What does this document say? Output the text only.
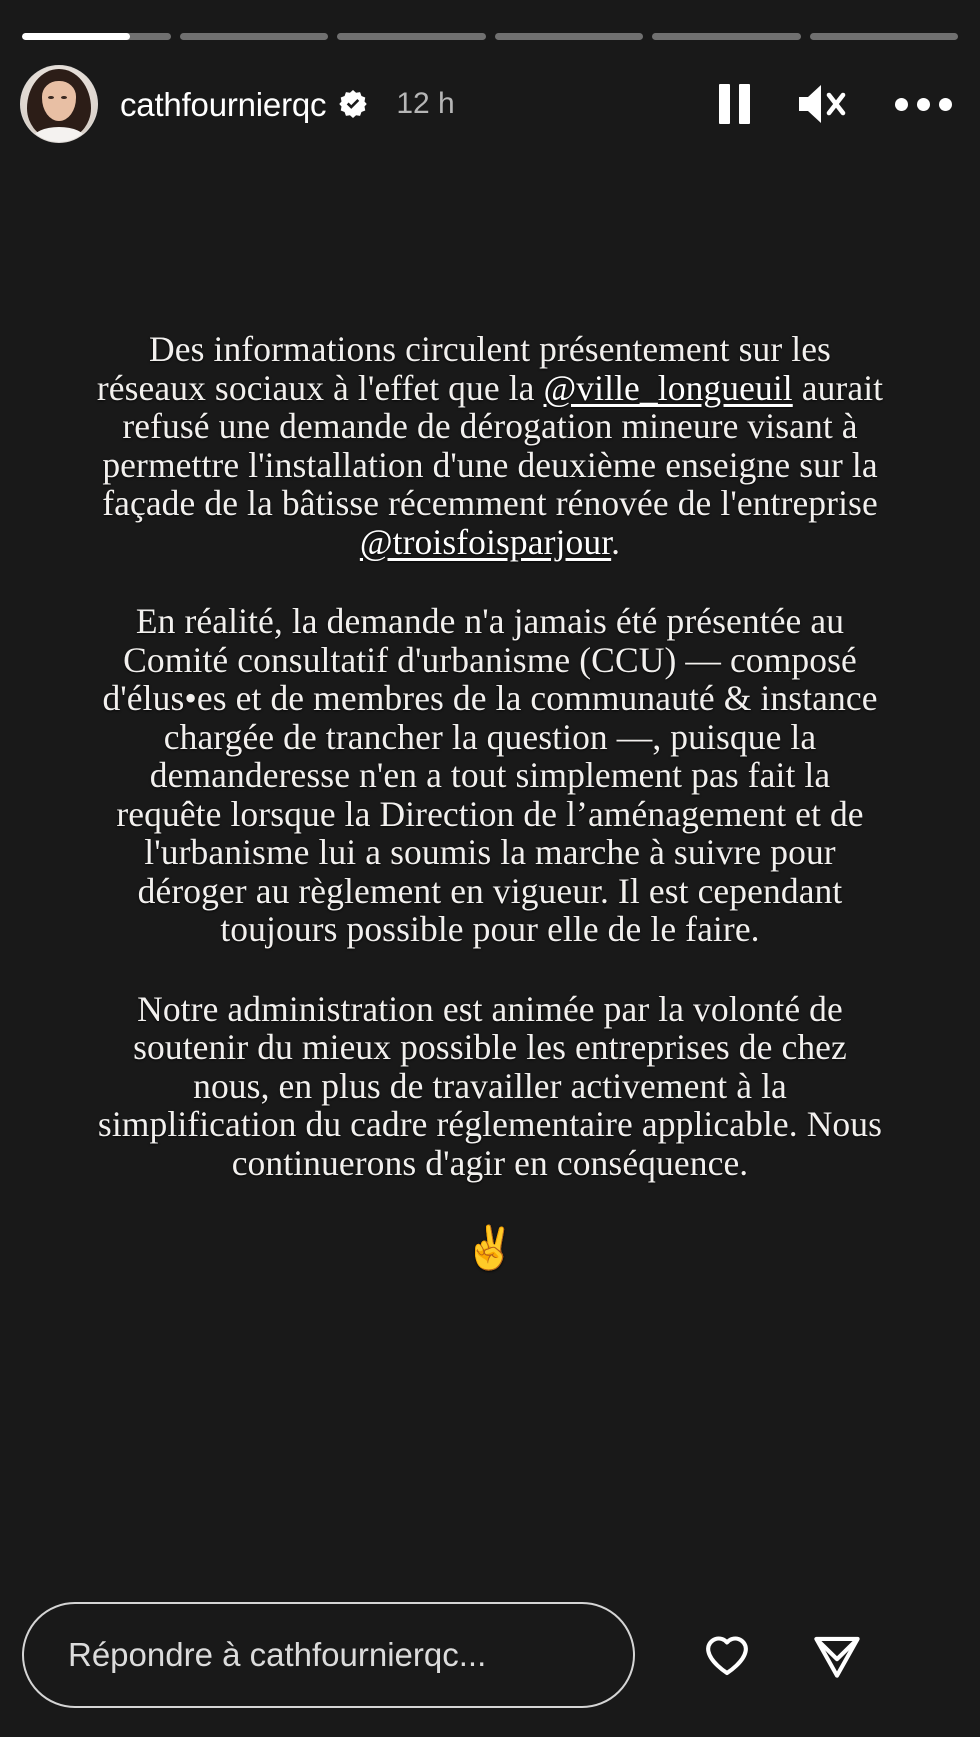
cathfournierqc 12 h

Des informations circulent présentement sur les réseaux sociaux à l'effet que la @ville_longueuil aurait refusé une demande de dérogation mineure visant à permettre l'installation d'une deuxième enseigne sur la façade de la bâtisse récemment rénovée de l'entreprise @troisfoisparjour.

En réalité, la demande n'a jamais été présentée au Comité consultatif d'urbanisme (CCU) — composé d'élus•es et de membres de la communauté & instance chargée de trancher la question —, puisque la demanderesse n'en a tout simplement pas fait la requête lorsque la Direction de l’aménagement et de l'urbanisme lui a soumis la marche à suivre pour déroger au règlement en vigueur. Il est cependant toujours possible pour elle de le faire.

Notre administration est animée par la volonté de soutenir du mieux possible les entreprises de chez nous, en plus de travailler activement à la simplification du cadre réglementaire applicable. Nous continuerons d'agir en conséquence.

✌
Répondre à cathfournierqc...
